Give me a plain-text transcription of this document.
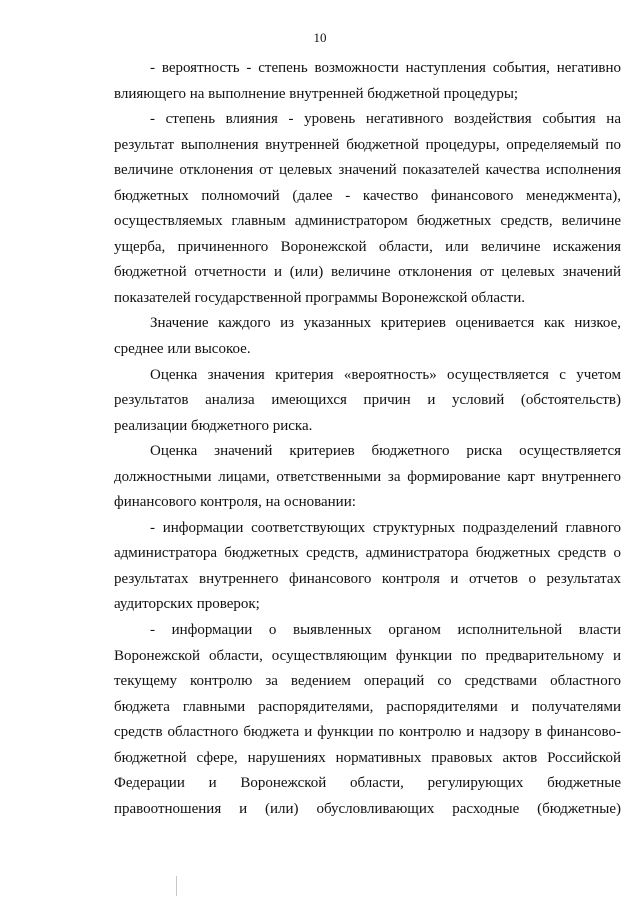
10

- вероятность - степень возможности наступления события, негативно
влияющего на выполнение внутренней бюджетной процедуры;

- степень влияния - уровень негативного воздействия события на
результат выполнения внутренней бюджетной процедуры, определяемый по
величине отклонения от целевых значений показателей качества исполнения
бюджетных полномочий (далее - качество финансового менеджмента),
осуществляемых главным администратором бюджетных средств, величине
ущерба, причиненного Воронежской области, или величине искажения
бюджетной отчетности и (или) величине отклонения от целевых значений
показателей государственной программы Воронежской области.

Значение каждого из указанных критериев оценивается как низкое,
среднее или высокое.

Оценка значения критерия «вероятность» осуществляется с учетом
результатов анализа имеющихся причин и условий (обстоятельств)
реализации бюджетного риска.

Оценка значений критериев бюджетного риска осуществляется
должностными лицами, ответственными за формирование карт внутреннего
финансового контроля, на основании:

- информации соответствующих структурных подразделений главного
администратора бюджетных средств, администратора бюджетных средств о
результатах внутреннего финансового контроля и отчетов о результатах
аудиторских проверок;

- информации о выявленных органом исполнительной власти
Воронежской области, осуществляющим функции по предварительному и
текущему контролю за ведением операций со средствами областного
бюджета главными распорядителями, распорядителями и получателями
средств областного бюджета и функции по контролю и надзору в финансово-
бюджетной сфере, нарушениях нормативных правовых актов Российской
Федерации и Воронежской области, регулирующих бюджетные
правоотношения и (или) обусловливающих расходные (бюджетные)
